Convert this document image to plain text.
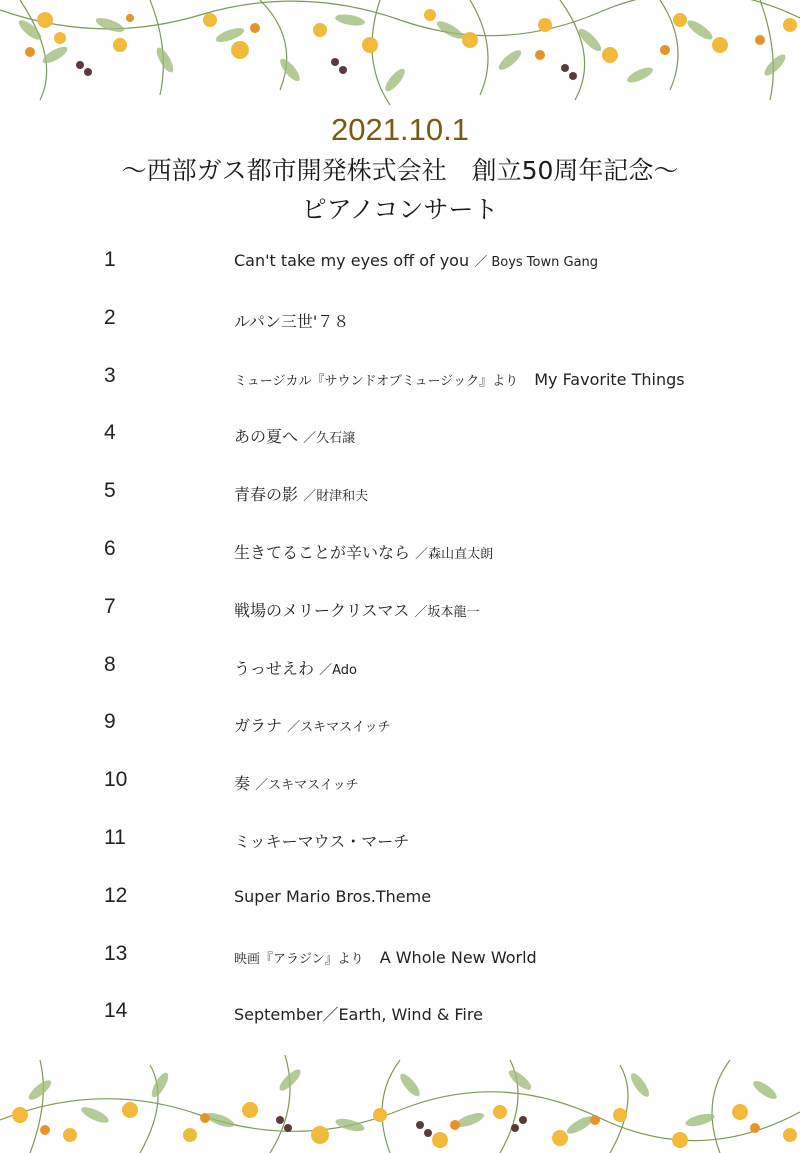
2021.10.1
～西部ガス都市開発株式会社　創立50周年記念～
ピアノコンサート
1	Can't take my eyes off of you ／ Boys Town Gang
2	ルパン三世'７８
3	ミュージカル『サウンドオブミュージック』より　 My Favorite Things
4	あの夏へ ／久石譲
5	青春の影 ／財津和夫
6	生きてることが辛いなら ／森山直太朗
7	戦場のメリークリスマス ／坂本龍一
8	うっせえわ ／Ado
9	ガラナ ／スキマスイッチ
10	奏 ／スキマスイッチ
11	ミッキーマウス・マーチ
12	Super Mario Bros.Theme
13	映画『アラジン』より　 A Whole New World
14	September／Earth, Wind & Fire
